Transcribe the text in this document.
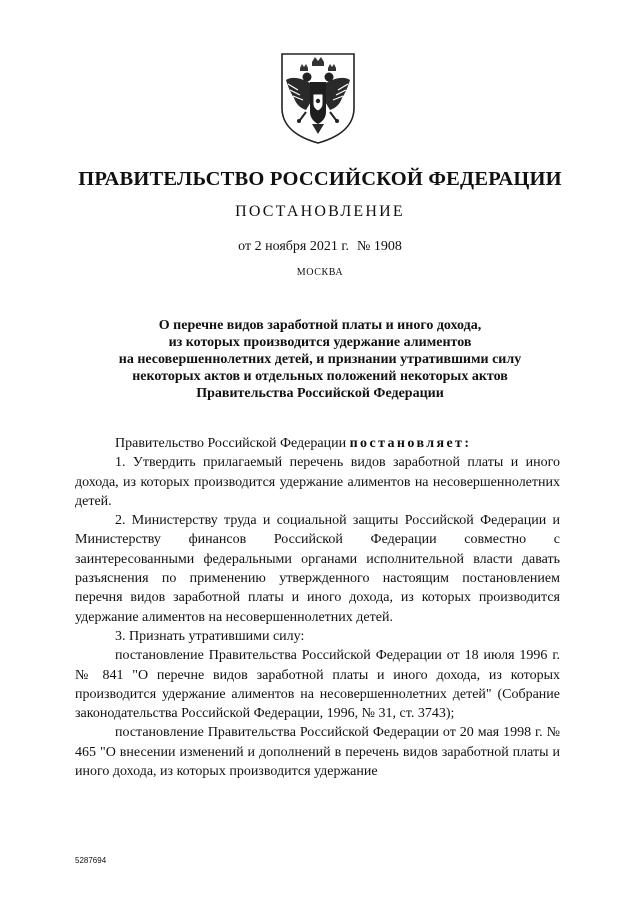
ПРАВИТЕЛЬСТВО РОССИЙСКОЙ ФЕДЕРАЦИИ
ПОСТАНОВЛЕНИЕ
от 2 ноября 2021 г. № 1908
МОСКВА
О перечне видов заработной платы и иного дохода,
из которых производится удержание алиментов
на несовершеннолетних детей, и признании утратившими силу
некоторых актов и отдельных положений некоторых актов
Правительства Российской Федерации

Правительство Российской Федерации постановляет:

1. Утвердить прилагаемый перечень видов заработной платы и иного дохода, из которых производится удержание алиментов на несовершеннолетних детей.

2. Министерству труда и социальной защиты Российской Федерации и Министерству финансов Российской Федерации совместно с заинтересованными федеральными органами исполнительной власти давать разъяснения по применению утвержденного настоящим постановлением перечня видов заработной платы и иного дохода, из которых производится удержание алиментов на несовершеннолетних детей.

3. Признать утратившими силу:

постановление Правительства Российской Федерации от 18 июля 1996 г. № 841 "О перечне видов заработной платы и иного дохода, из которых производится удержание алиментов на несовершеннолетних детей" (Собрание законодательства Российской Федерации, 1996, № 31, ст. 3743);

постановление Правительства Российской Федерации от 20 мая 1998 г. № 465 "О внесении изменений и дополнений в перечень видов заработной платы и иного дохода, из которых производится удержание

5287694
